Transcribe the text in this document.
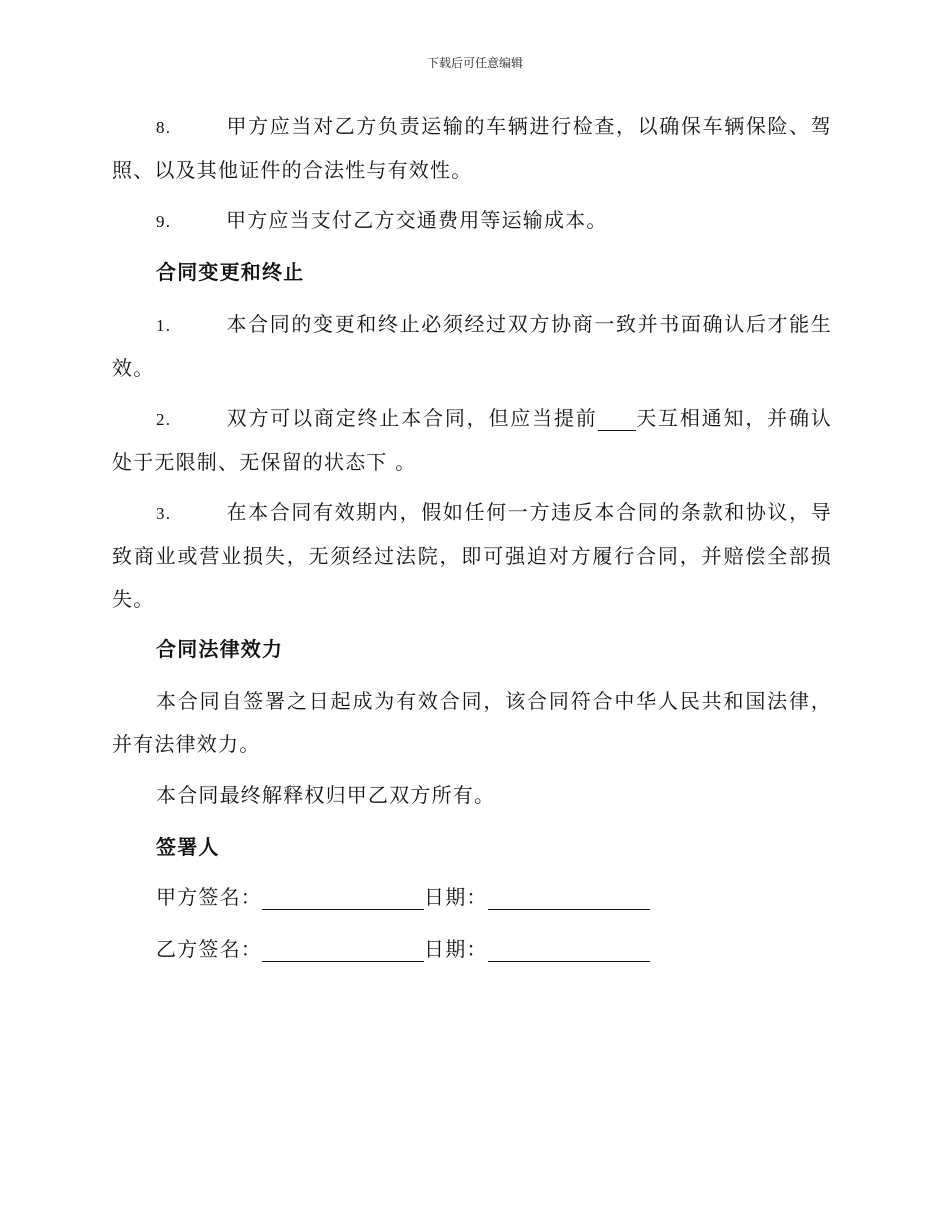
下载后可任意编辑

8.	甲方应当对乙方负责运输的车辆进行检查，以确保车辆保险、驾照、以及其他证件的合法性与有效性。

9.	甲方应当支付乙方交通费用等运输成本。

合同变更和终止

1.	本合同的变更和终止必须经过双方协商一致并书面确认后才能生效。

2.	双方可以商定终止本合同，但应当提前 天互相通知，并确认处于无限制、无保留的状态下 。

3.	在本合同有效期内，假如任何一方违反本合同的条款和协议，导致商业或营业损失，无须经过法院，即可强迫对方履行合同，并赔偿全部损失。

合同法律效力

本合同自签署之日起成为有效合同，该合同符合中华人民共和国法律，并有法律效力。

本合同最终解释权归甲乙双方所有。

签署人

甲方签名：	日期：

乙方签名：	日期：
